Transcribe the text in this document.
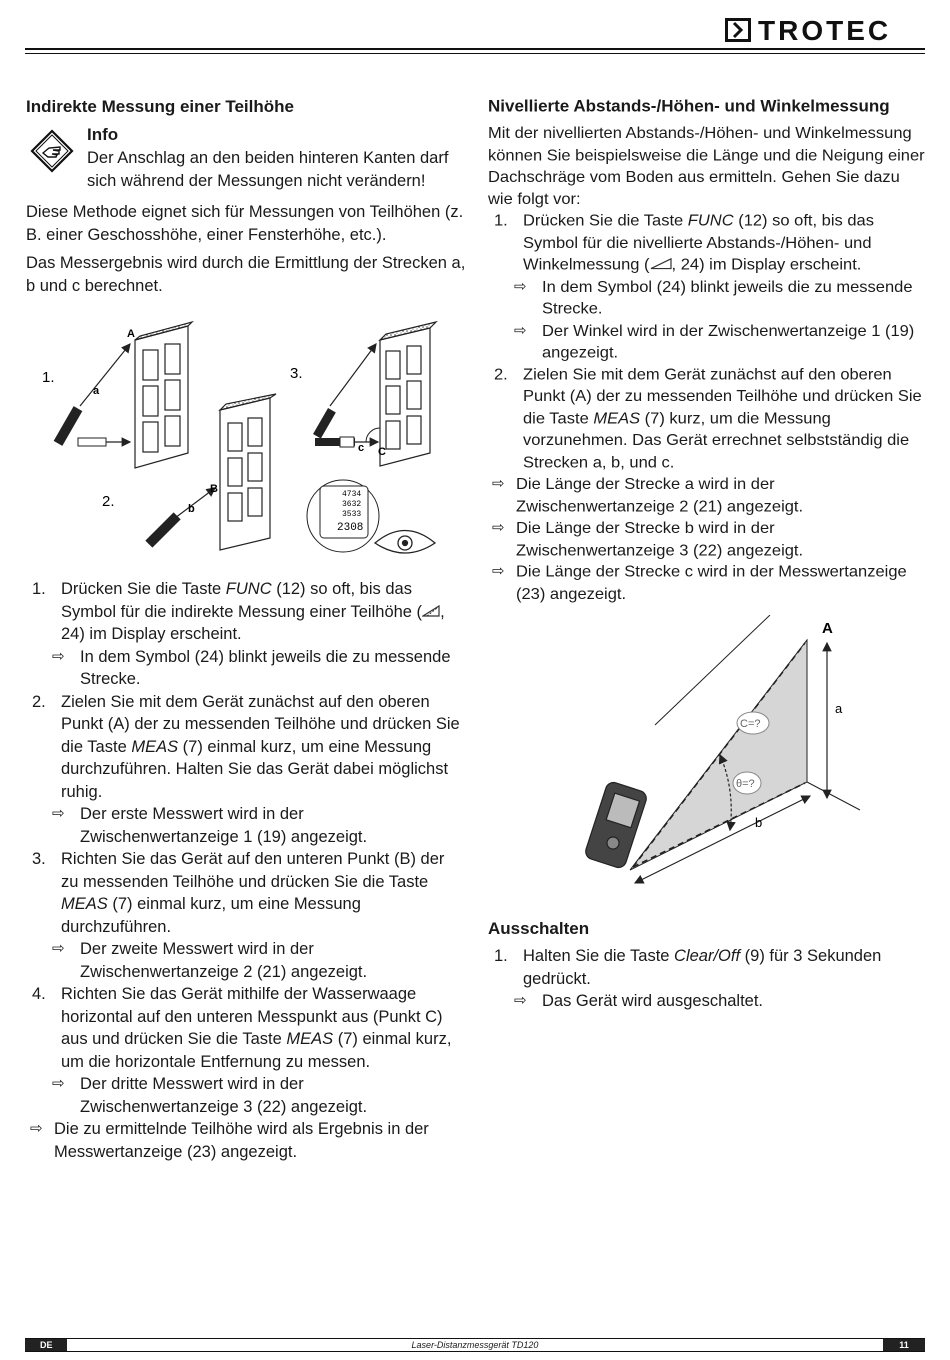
TROTEC
Indirekte Messung einer Teilhöhe
Info
Der Anschlag an den beiden hinteren Kanten darf sich während der Messungen nicht verändern!

Diese Methode eignet sich für Messungen von Teilhöhen (z. B. einer Geschosshöhe, einer Fensterhöhe, etc.).

Das Messergebnis wird durch die Ermittlung der Strecken a, b und c berechnet.

4734
3632
3533
2308
1.
2.
3.
A
a
B
b
c C
1. Drücken Sie die Taste FUNC (12) so oft, bis das Symbol für die indirekte Messung einer Teilhöhe ( , 24) im Display erscheint.
⇨ In dem Symbol (24) blinkt jeweils die zu messende Strecke.
2. Zielen Sie mit dem Gerät zunächst auf den oberen Punkt (A) der zu messenden Teilhöhe und drücken Sie die Taste MEAS (7) einmal kurz, um eine Messung durchzuführen. Halten Sie das Gerät dabei möglichst ruhig.
⇨ Der erste Messwert wird in der Zwischenwertanzeige 1 (19) angezeigt.
3. Richten Sie das Gerät auf den unteren Punkt (B) der zu messenden Teilhöhe und drücken Sie die Taste MEAS (7) einmal kurz, um eine Messung durchzuführen.
⇨ Der zweite Messwert wird in der Zwischenwertanzeige 2 (21) angezeigt.
4. Richten Sie das Gerät mithilfe der Wasserwaage horizontal auf den unteren Messpunkt aus (Punkt C) aus und drücken Sie die Taste MEAS (7) einmal kurz, um die horizontale Entfernung zu messen.
⇨ Der dritte Messwert wird in der Zwischenwertanzeige 3 (22) angezeigt.
⇨ Die zu ermittelnde Teilhöhe wird als Ergebnis in der Messwertanzeige (23) angezeigt.
Nivellierte Abstands-/Höhen- und Winkelmessung

Mit der nivellierten Abstands-/Höhen- und Winkelmessung können Sie beispielsweise die Länge und die Neigung einer Dachschräge vom Boden aus ermitteln. Gehen Sie dazu wie folgt vor:

1. Drücken Sie die Taste FUNC (12) so oft, bis das Symbol für die nivellierte Abstands-/Höhen- und Winkelmessung ( , 24) im Display erscheint.
⇨ In dem Symbol (24) blinkt jeweils die zu messende Strecke.
⇨ Der Winkel wird in der Zwischenwertanzeige 1 (19) angezeigt.
2. Zielen Sie mit dem Gerät zunächst auf den oberen Punkt (A) der zu messenden Teilhöhe und drücken Sie die Taste MEAS (7) kurz, um die Messung vorzunehmen. Das Gerät errechnet selbstständig die Strecken a, b, und c.
⇨ Die Länge der Strecke a wird in der Zwischenwertanzeige 2 (21) angezeigt.
⇨ Die Länge der Strecke b wird in der Zwischenwertanzeige 3 (22) angezeigt.
⇨ Die Länge der Strecke c wird in der Messwertanzeige (23) angezeigt.
A
a
b
C=?
θ=?
Ausschalten
1. Halten Sie die Taste Clear/Off (9) für 3 Sekunden gedrückt.
⇨ Das Gerät wird ausgeschaltet.
DE	Laser-Distanzmessgerät TD120	11
